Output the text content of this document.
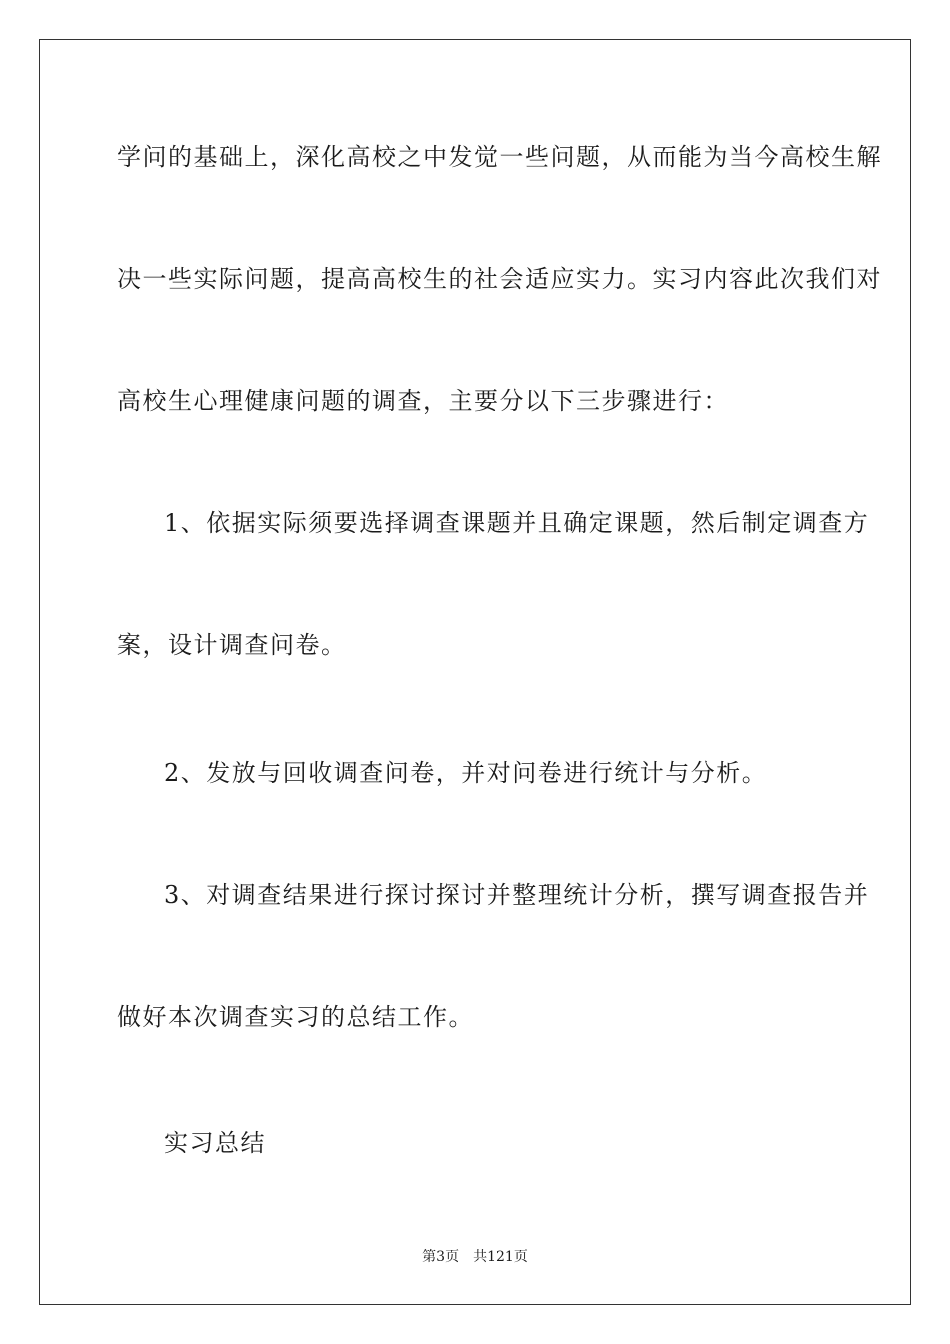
学问的基础上，深化高校之中发觉一些问题，从而能为当今高校生解
决一些实际问题，提高高校生的社会适应实力。实习内容此次我们对
高校生心理健康问题的调查，主要分以下三步骤进行：
1、依据实际须要选择调查课题并且确定课题，然后制定调查方
案，设计调查问卷。
2、发放与回收调查问卷，并对问卷进行统计与分析。
3、对调查结果进行探讨探讨并整理统计分析，撰写调查报告并
做好本次调查实习的总结工作。
实习总结
第3页 共121页
